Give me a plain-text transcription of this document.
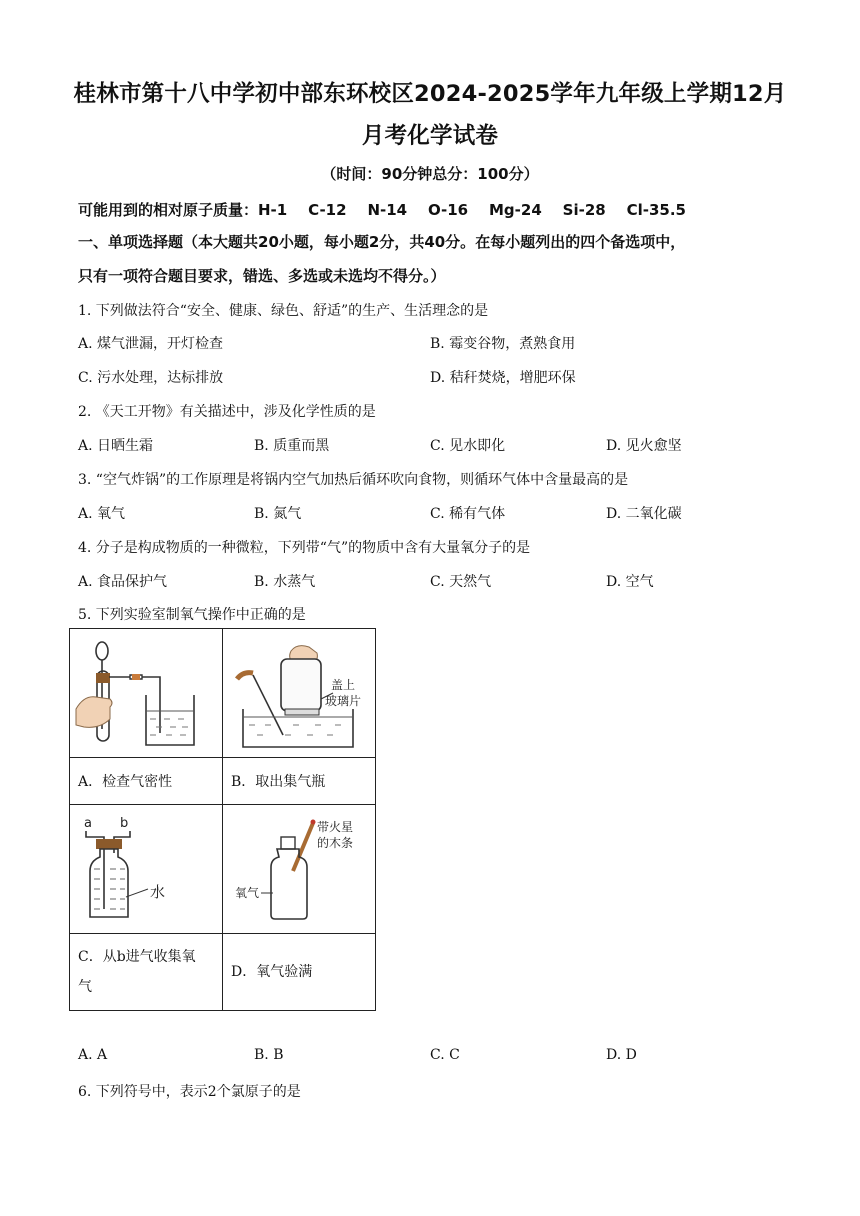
桂林市第十八中学初中部东环校区2024-2025学年九年级上学期12月
月考化学试卷
（时间：90分钟总分：100分）
可能用到的相对原子质量：H-1    C-12    N-14    O-16    Mg-24    Si-28    Cl-35.5
一、单项选择题（本大题共20小题，每小题2分，共40分。在每小题列出的四个备选项中，
只有一项符合题目要求，错选、多选或未选均不得分。）
1. 下列做法符合“安全、健康、绿色、舒适”的生产、生活理念的是
A. 煤气泄漏，开灯检查	B. 霉变谷物，煮熟食用
C. 污水处理，达标排放	D. 秸秆焚烧，增肥环保
2. 《天工开物》有关描述中，涉及化学性质的是
A. 日晒生霜	B. 质重而黑	C. 见水即化	D. 见火愈坚
3. “空气炸锅”的工作原理是将锅内空气加热后循环吹向食物，则循环气体中含量最高的是
A. 氧气	B. 氮气	C. 稀有气体	D. 二氧化碳
4. 分子是构成物质的一种微粒，下列带“气”的物质中含有大量氧分子的是
A. 食品保护气	B. 水蒸气	C. 天然气	D. 空气
5. 下列实验室制氧气操作中正确的是

盖上
玻璃片

A．检查气密性	B．取出集气瓶

a b
水	带火星
的木条
氧气

C．从b进气收集氧
气	D．氧气验满
A. A	B. B	C. C	D. D
6. 下列符号中，表示2个氯原子的是
